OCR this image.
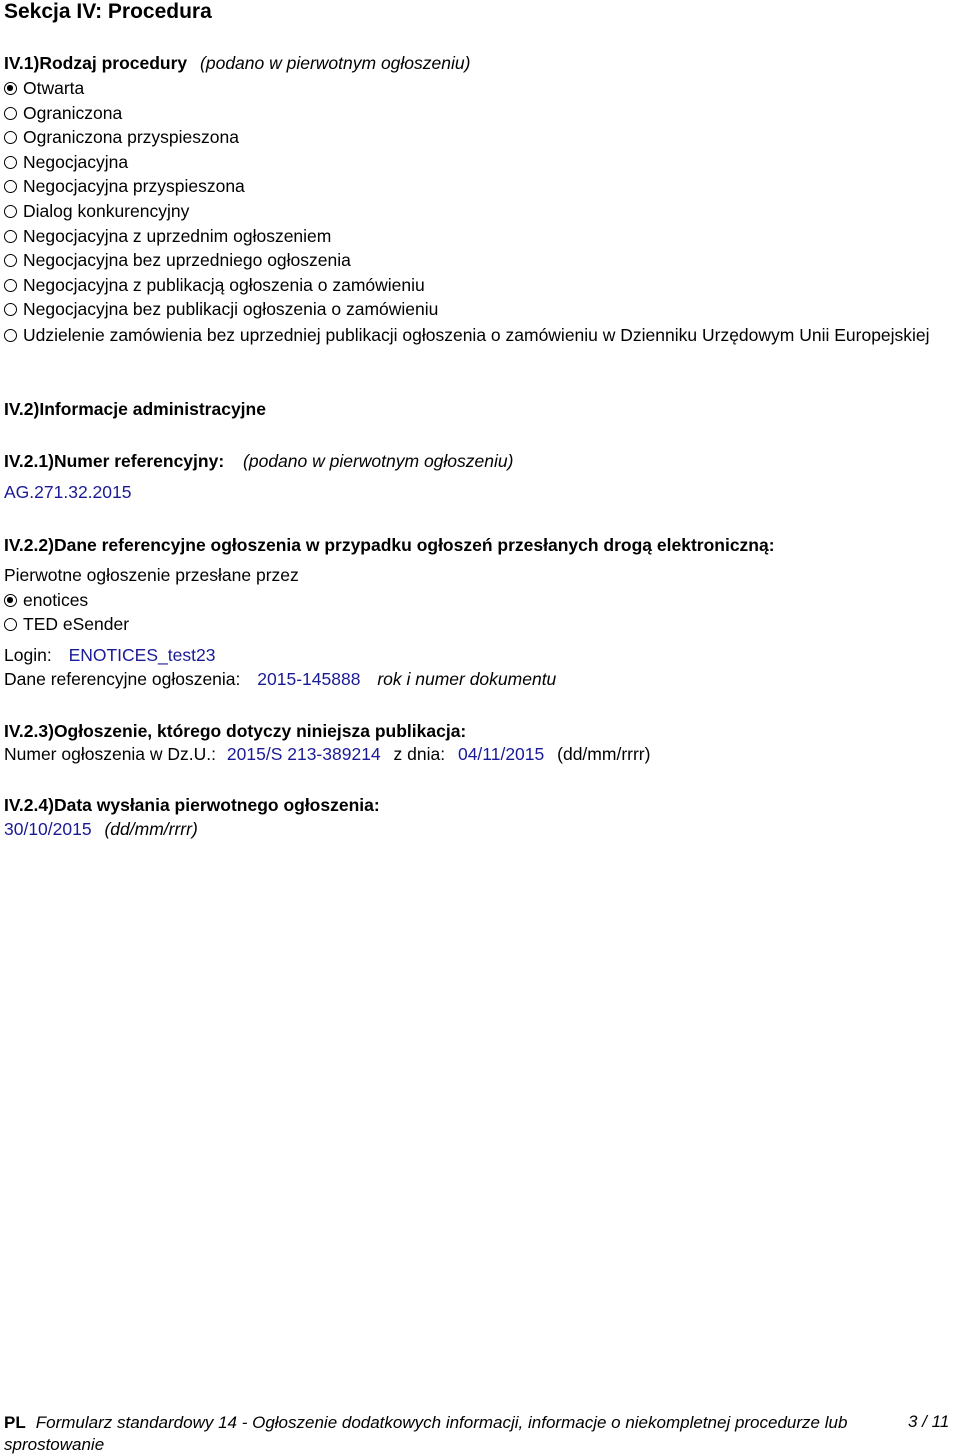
Sekcja IV: Procedura
IV.1)Rodzaj procedury (podano w pierwotnym ogłoszeniu)
Otwarta
Ograniczona
Ograniczona przyspieszona
Negocjacyjna
Negocjacyjna przyspieszona
Dialog konkurencyjny
Negocjacyjna z uprzednim ogłoszeniem
Negocjacyjna bez uprzedniego ogłoszenia
Negocjacyjna z publikacją ogłoszenia o zamówieniu
Negocjacyjna bez publikacji ogłoszenia o zamówieniu
Udzielenie zamówienia bez uprzedniej publikacji ogłoszenia o zamówieniu w Dzienniku Urzędowym Unii Europejskiej
IV.2)Informacje administracyjne
IV.2.1)Numer referencyjny: (podano w pierwotnym ogłoszeniu)
AG.271.32.2015
IV.2.2)Dane referencyjne ogłoszenia w przypadku ogłoszeń przesłanych drogą elektroniczną:
Pierwotne ogłoszenie przesłane przez
enotices
TED eSender
Login: ENOTICES_test23
Dane referencyjne ogłoszenia: 2015-145888 rok i numer dokumentu
IV.2.3)Ogłoszenie, którego dotyczy niniejsza publikacja:
Numer ogłoszenia w Dz.U.: 2015/S 213-389214 z dnia: 04/11/2015 (dd/mm/rrrr)
IV.2.4)Data wysłania pierwotnego ogłoszenia:
30/10/2015 (dd/mm/rrrr)
PL Formularz standardowy 14 - Ogłoszenie dodatkowych informacji, informacje o niekompletnej procedurze lub sprostowanie
3 / 11
